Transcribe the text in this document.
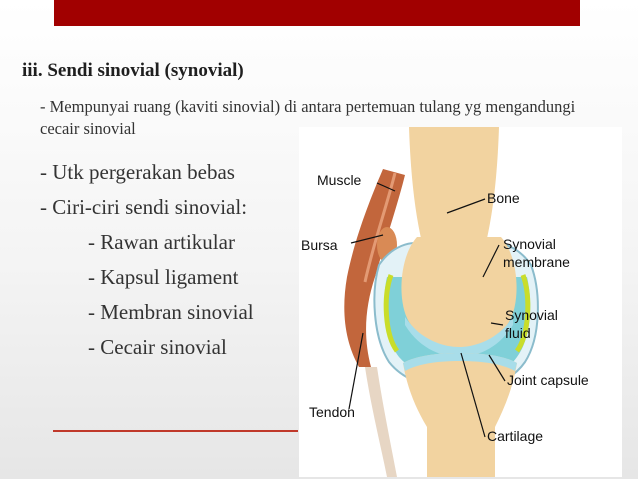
iii. Sendi sinovial (synovial)
- Mempunyai ruang (kaviti sinovial) di antara pertemuan tulang yg mengandungi cecair sinovial
- Utk pergerakan bebas
- Ciri-ciri sendi sinovial:
- Rawan artikular
- Kapsul ligament
- Membran sinovial
- Cecair sinovial
Muscle
Bone
Bursa	Synovial
membrane
Synovial
fluid
Joint capsule
Tendon
Cartilage
